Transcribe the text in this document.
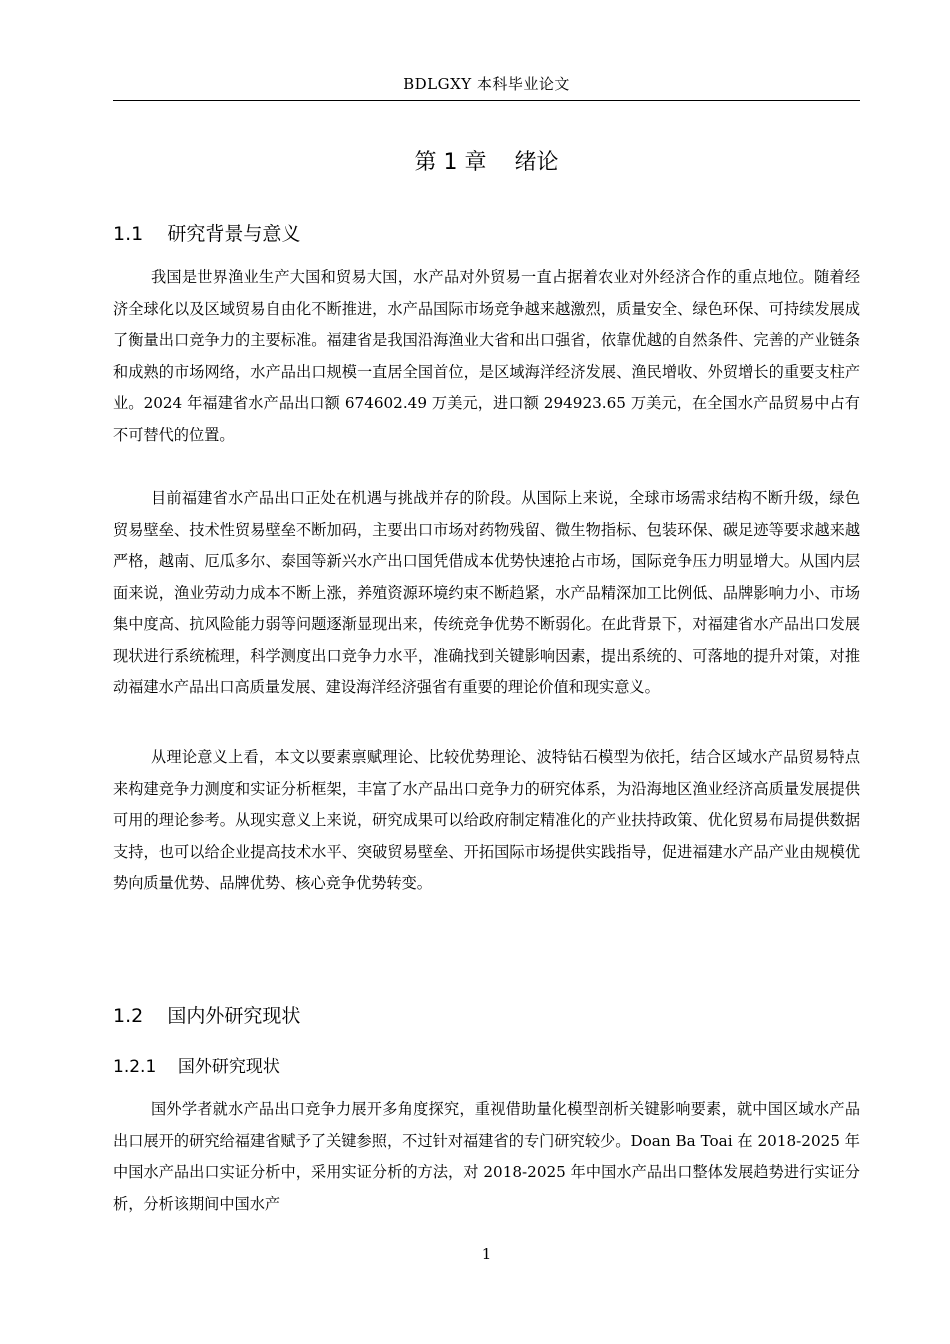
BDLGXY 本科毕业论文
第 1 章    绪论
1.1    研究背景与意义

我国是世界渔业生产大国和贸易大国，水产品对外贸易一直占据着农业对外经济合作的重点地位。随着经济全球化以及区域贸易自由化不断推进，水产品国际市场竞争越来越激烈，质量安全、绿色环保、可持续发展成了衡量出口竞争力的主要标准。福建省是我国沿海渔业大省和出口强省，依靠优越的自然条件、完善的产业链条和成熟的市场网络，水产品出口规模一直居全国首位，是区域海洋经济发展、渔民增收、外贸增长的重要支柱产业。2024 年福建省水产品出口额 674602.49 万美元，进口额 294923.65 万美元，在全国水产品贸易中占有不可替代的位置。

目前福建省水产品出口正处在机遇与挑战并存的阶段。从国际上来说，全球市场需求结构不断升级，绿色贸易壁垒、技术性贸易壁垒不断加码，主要出口市场对药物残留、微生物指标、包装环保、碳足迹等要求越来越严格，越南、厄瓜多尔、泰国等新兴水产出口国凭借成本优势快速抢占市场，国际竞争压力明显增大。从国内层面来说，渔业劳动力成本不断上涨，养殖资源环境约束不断趋紧，水产品精深加工比例低、品牌影响力小、市场集中度高、抗风险能力弱等问题逐渐显现出来，传统竞争优势不断弱化。在此背景下，对福建省水产品出口发展现状进行系统梳理，科学测度出口竞争力水平，准确找到关键影响因素，提出系统的、可落地的提升对策，对推动福建水产品出口高质量发展、建设海洋经济强省有重要的理论价值和现实意义。

从理论意义上看，本文以要素禀赋理论、比较优势理论、波特钻石模型为依托，结合区域水产品贸易特点来构建竞争力测度和实证分析框架，丰富了水产品出口竞争力的研究体系，为沿海地区渔业经济高质量发展提供可用的理论参考。从现实意义上来说，研究成果可以给政府制定精准化的产业扶持政策、优化贸易布局提供数据支持，也可以给企业提高技术水平、突破贸易壁垒、开拓国际市场提供实践指导，促进福建水产品产业由规模优势向质量优势、品牌优势、核心竞争优势转变。

1.2    国内外研究现状
1.2.1    国外研究现状

国外学者就水产品出口竞争力展开多角度探究，重视借助量化模型剖析关键影响要素，就中国区域水产品出口展开的研究给福建省赋予了关键参照，不过针对福建省的专门研究较少。Doan Ba Toai 在 2018-2025 年中国水产品出口实证分析中，采用实证分析的方法，对 2018-2025 年中国水产品出口整体发展趋势进行实证分析，分析该期间中国水产

1
